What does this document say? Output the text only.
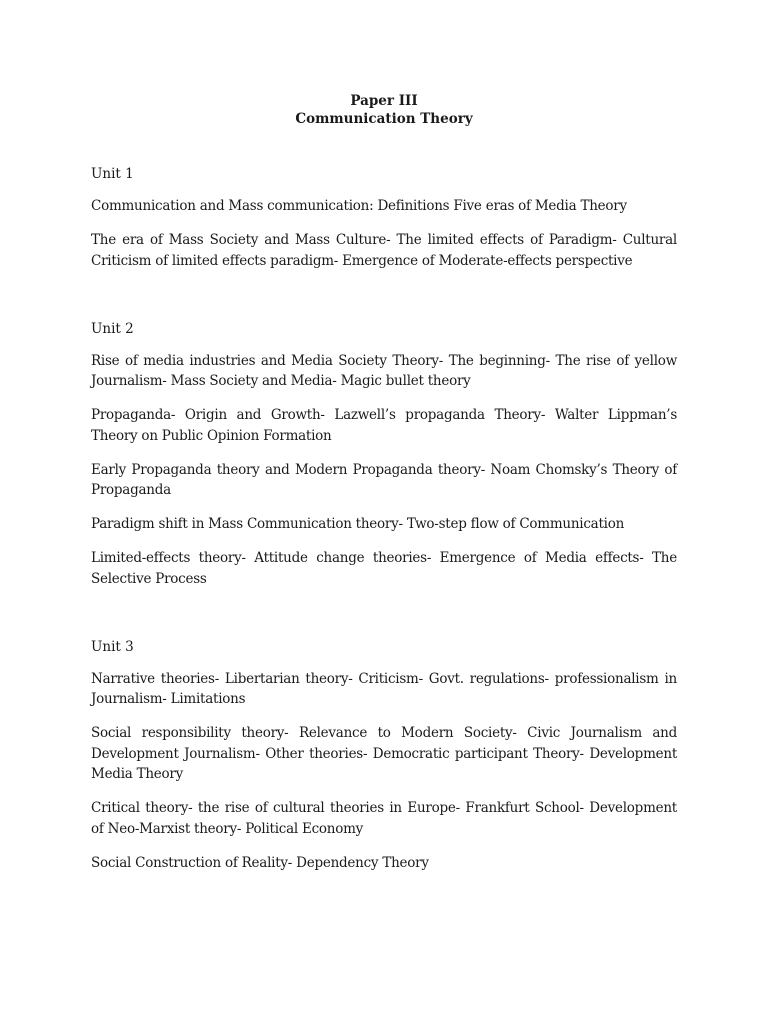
Paper III
Communication Theory
Unit 1

Communication and Mass communication: Definitions Five eras of Media Theory

The era of Mass Society and Mass Culture- The limited effects of Paradigm- Cultural Criticism of limited effects paradigm- Emergence of Moderate-effects perspective

Unit 2

Rise of media industries and Media Society Theory- The beginning- The rise of yellow Journalism- Mass Society and Media- Magic bullet theory

Propaganda- Origin and Growth- Lazwell’s propaganda Theory- Walter Lippman’s Theory on Public Opinion Formation

Early Propaganda theory and Modern Propaganda theory- Noam Chomsky’s Theory of Propaganda

Paradigm shift in Mass Communication theory- Two-step flow of Communication

Limited-effects theory- Attitude change theories- Emergence of Media effects- The Selective Process

Unit 3

Narrative theories- Libertarian theory- Criticism- Govt. regulations- professionalism in Journalism- Limitations

Social responsibility theory- Relevance to Modern Society- Civic Journalism and Development Journalism- Other theories- Democratic participant Theory- Development Media Theory

Critical theory- the rise of cultural theories in Europe- Frankfurt School- Development of Neo-Marxist theory- Political Economy

Social Construction of Reality- Dependency Theory
